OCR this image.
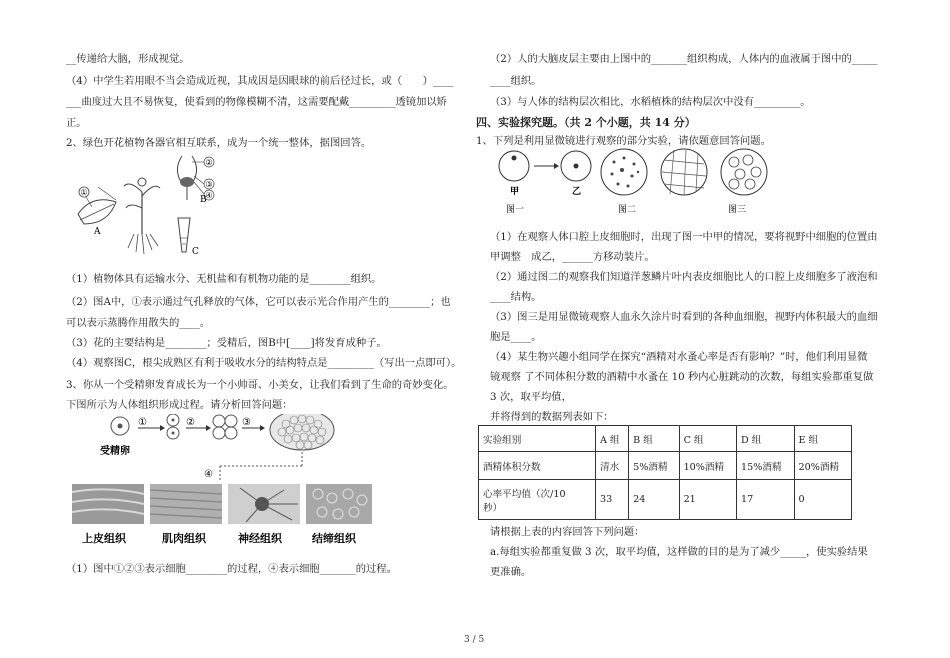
__传递给大脑，形成视觉。
（4）中学生若用眼不当会造成近视，其成因是因眼球的前后径过长，或（　　）____
___曲度过大且不易恢复，使看到的物像模糊不清，这需要配戴_________透镜加以矫
正。
2、绿色开花植物各器官相互联系，成为一个统一整体，据图回答。
②
③
④
①
A
B
C
（1）植物体具有运输水分、无机盐和有机物功能的是________组织。
（2）图A中，①表示通过气孔释放的气体，它可以表示光合作用产生的________；也
可以表示蒸腾作用散失的____。
（3）花的主要结构是________；受精后，图B中[____]将发育成种子。
（4）观察图C，根尖成熟区有利于吸收水分的结构特点是_________（写出一点即可）。
3、你从一个受精卵发育成长为一个小帅哥、小美女，让我们看到了生命的奇妙变化。
下图所示为人体组织形成过程。请分析回答问题：
受精卵
①	②	③
④
上皮组织	肌肉组织	神经组织	结缔组织
（1）图中①②③表示细胞________的过程，④表示细胞_______的过程。
（2）人的大脑皮层主要由上图中的_______组织构成，人体内的血液属于图中的_____
____组织。
（3）与人体的结构层次相比，水稻植株的结构层次中没有_________。
四、实验探究题。（共 2 个小题，共 14 分）
1、下列是利用显微镜进行观察的部分实验，请依题意回答问题。
甲	乙
图一	图二	图三
（1）在观察人体口腔上皮细胞时，出现了图一中甲的情况，要将视野中细胞的位置由
甲调整　成乙，______方移动装片。
（2）通过图二的观察我们知道洋葱鳞片叶内表皮细胞比人的口腔上皮细胞多了液泡和
____结构。
（3）图三是用显微镜观察人血永久涂片时看到的各种血细胞，视野内体积最大的血细
胞是____。
（4）某生物兴趣小组同学在探究“酒精对水蚤心率是否有影响？”时，他们利用显微
镜观察 了不同体积分数的酒精中水蚤在 10 秒内心脏跳动的次数，每组实验都重复做
3 次，取平均值，
并将得到的数据列表如下：
实验组别	A 组	B 组	C 组	D 组	E 组
酒精体积分数	清水	5%酒精	10%酒精	15%酒精	20%酒精

心率平均值（次/10
秒）	33	24	21	17	0
请根据上表的内容回答下列问题：
a.每组实验都重复做 3 次，取平均值，这样做的目的是为了减少_____，使实验结果
更准确。
3 / 5
